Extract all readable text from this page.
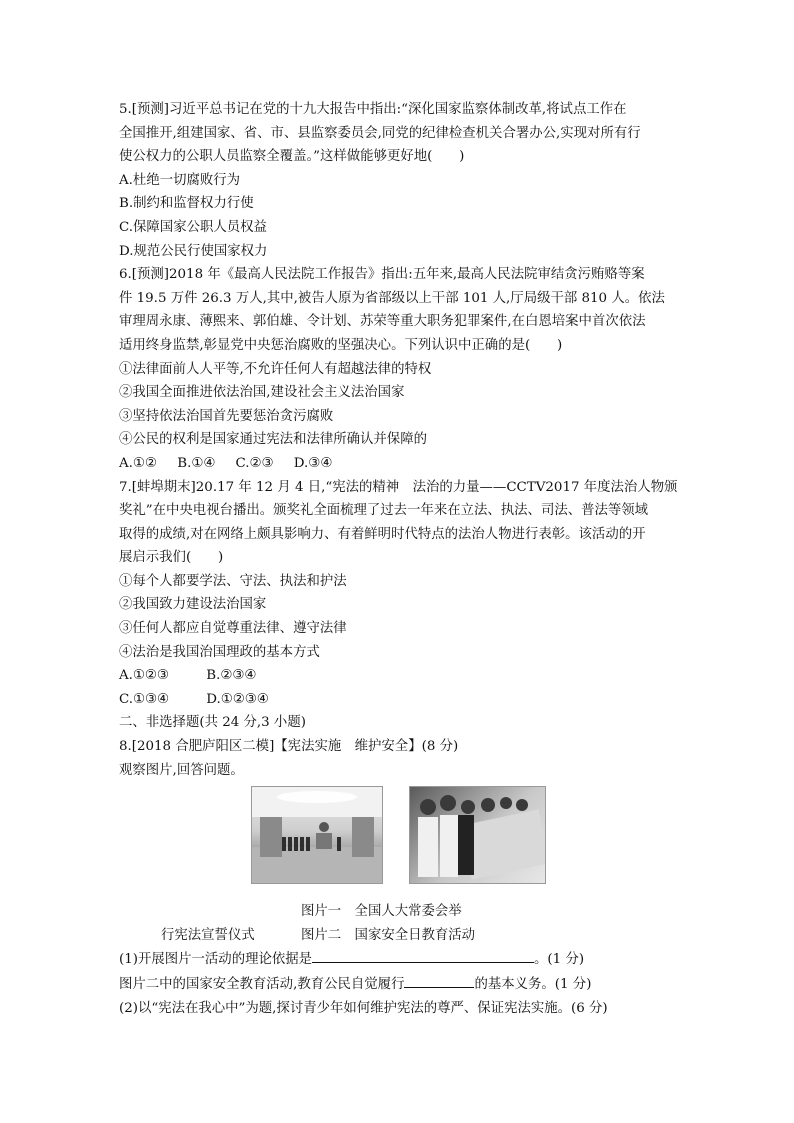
5.[预测]习近平总书记在党的十九大报告中指出:“深化国家监察体制改革,将试点工作在
全国推开,组建国家、省、市、县监察委员会,同党的纪律检查机关合署办公,实现对所有行
使公权力的公职人员监察全覆盖。”这样做能够更好地(　　)
A.杜绝一切腐败行为
B.制约和监督权力行使
C.保障国家公职人员权益
D.规范公民行使国家权力
6.[预测]2018 年《最高人民法院工作报告》指出:五年来,最高人民法院审结贪污贿赂等案
件 19.5 万件 26.3 万人,其中,被告人原为省部级以上干部 101 人,厅局级干部 810 人。依法
审理周永康、薄熙来、郭伯雄、令计划、苏荣等重大职务犯罪案件,在白恩培案中首次依法
适用终身监禁,彰显党中央惩治腐败的坚强决心。下列认识中正确的是(　　)
①法律面前人人平等,不允许任何人有超越法律的特权
②我国全面推进依法治国,建设社会主义法治国家
③坚持依法治国首先要惩治贪污腐败
④公民的权利是国家通过宪法和法律所确认并保障的
A.①② B.①④ C.②③ D.③④
7.[蚌埠期末]20.17 年 12 月 4 日,“宪法的精神　法治的力量——CCTV2017 年度法治人物颁
奖礼”在中央电视台播出。颁奖礼全面梳理了过去一年来在立法、执法、司法、普法等领域
取得的成绩,对在网络上颇具影响力、有着鲜明时代特点的法治人物进行表彰。该活动的开
展启示我们(　　)
①每个人都要学法、守法、执法和护法
②我国致力建设法治国家
③任何人都应自觉尊重法律、遵守法律
④法治是我国治国理政的基本方式
A.①②③	B.②③④
C.①③④	D.①②③④
二、非选择题(共 24 分,3 小题)
8.[2018 合肥庐阳区二模]【宪法实施　维护安全】(8 分)
观察图片,回答问题。
图片一　全国人大常委会举
行宪法宣誓仪式	图片二　国家安全日教育活动
(1)开展图片一活动的理论依据是	。(1 分)
图片二中的国家安全教育活动,教育公民自觉履行	的基本义务。(1 分)
(2)以“宪法在我心中”为题,探讨青少年如何维护宪法的尊严、保证宪法实施。(6 分)
